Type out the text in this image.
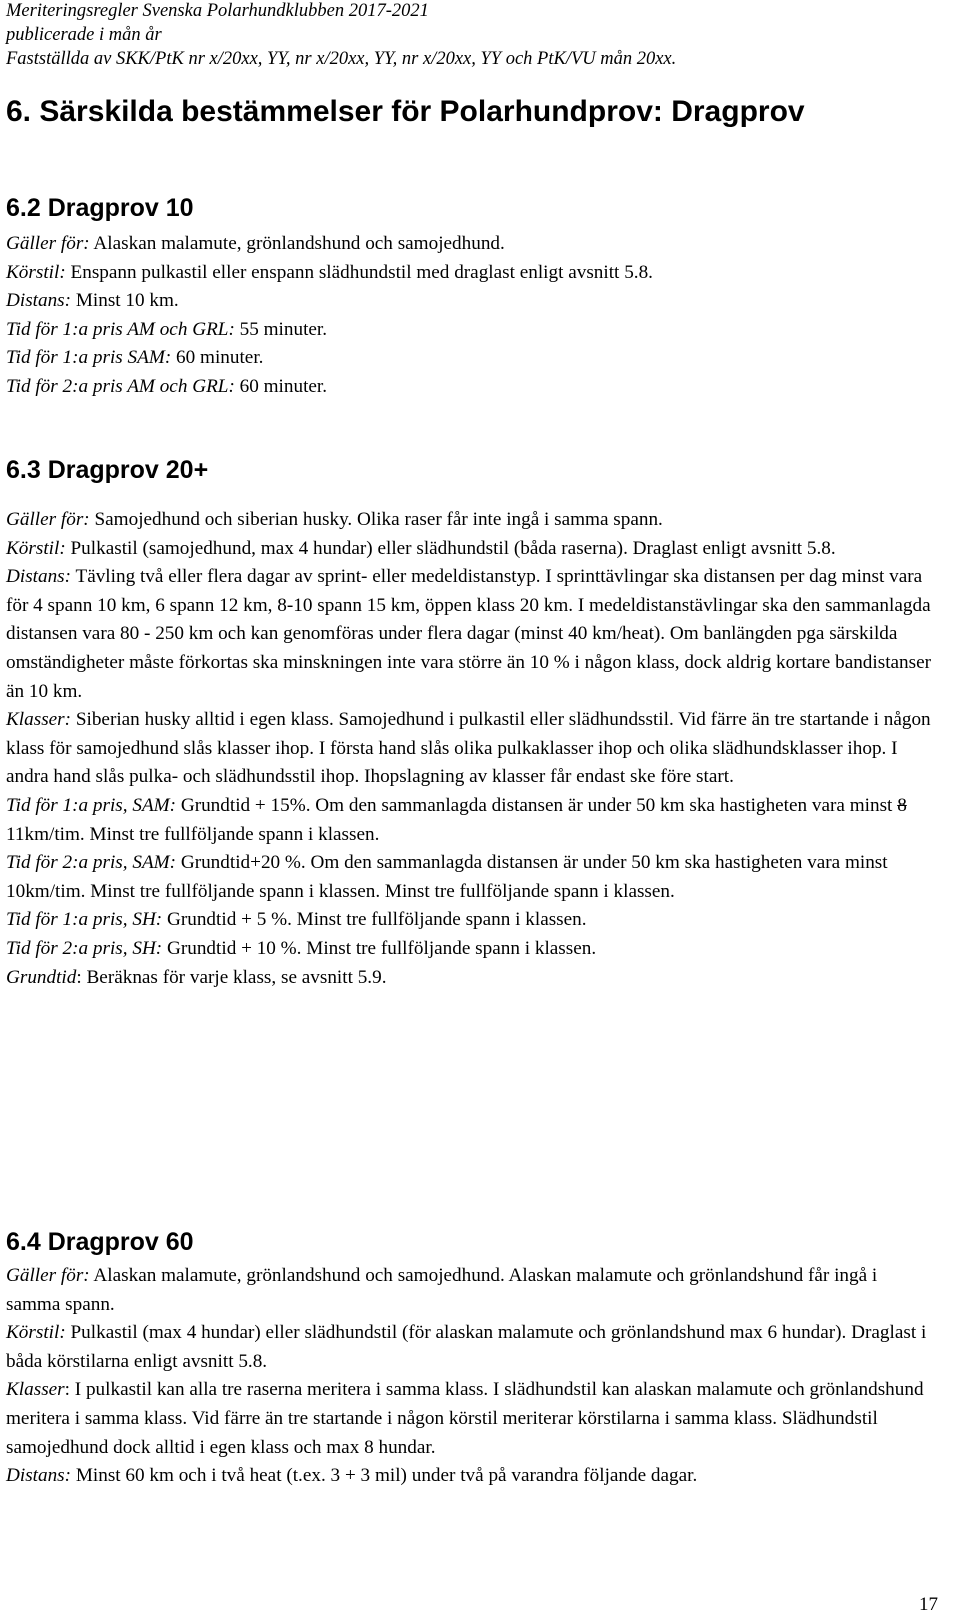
Meriteringsregler Svenska Polarhundklubben 2017-2021
publicerade i mån år
Fastställda av SKK/PtK nr x/20xx, YY, nr x/20xx, YY, nr x/20xx, YY och PtK/VU mån 20xx.
6. Särskilda bestämmelser för Polarhundprov: Dragprov
6.2 Dragprov 10

Gäller för: Alaskan malamute, grönlandshund och samojedhund.

Körstil: Enspann pulkastil eller enspann slädhundstil med draglast enligt avsnitt 5.8.

Distans: Minst 10 km.

Tid för 1:a pris AM och GRL: 55 minuter.

Tid för 1:a pris SAM: 60 minuter.

Tid för 2:a pris AM och GRL: 60 minuter.

6.3 Dragprov 20+

Gäller för: Samojedhund och siberian husky. Olika raser får inte ingå i samma spann.

Körstil: Pulkastil (samojedhund, max 4 hundar) eller slädhundstil (båda raserna). Draglast enligt avsnitt 5.8.

Distans: Tävling två eller flera dagar av sprint- eller medeldistanstyp. I sprinttävlingar ska distansen per dag minst vara för 4 spann 10 km, 6 spann 12 km, 8-10 spann 15 km, öppen klass 20 km. I medeldistanstävlingar ska den sammanlagda distansen vara 80 - 250 km och kan genomföras under flera dagar (minst 40 km/heat). Om banlängden pga särskilda omständigheter måste förkortas ska minskningen inte vara större än 10 % i någon klass, dock aldrig kortare bandistanser än 10 km.

Klasser: Siberian husky alltid i egen klass. Samojedhund i pulkastil eller slädhundsstil. Vid färre än tre startande i någon klass för samojedhund slås klasser ihop. I första hand slås olika pulkaklasser ihop och olika slädhundsklasser ihop. I andra hand slås pulka- och slädhundsstil ihop. Ihopslagning av klasser får endast ske före start.

Tid för 1:a pris, SAM: Grundtid + 15%. Om den sammanlagda distansen är under 50 km ska hastigheten vara minst 8 11km/tim. Minst tre fullföljande spann i klassen.

Tid för 2:a pris, SAM: Grundtid+20 %. Om den sammanlagda distansen är under 50 km ska hastigheten vara minst 10km/tim. Minst tre fullföljande spann i klassen. Minst tre fullföljande spann i klassen.

Tid för 1:a pris, SH: Grundtid + 5 %. Minst tre fullföljande spann i klassen.

Tid för 2:a pris, SH: Grundtid + 10 %. Minst tre fullföljande spann i klassen.

Grundtid: Beräknas för varje klass, se avsnitt 5.9.

6.4 Dragprov 60

Gäller för: Alaskan malamute, grönlandshund och samojedhund. Alaskan malamute och grönlandshund får ingå i samma spann.

Körstil: Pulkastil (max 4 hundar) eller slädhundstil (för alaskan malamute och grönlandshund max 6 hundar). Draglast i båda körstilarna enligt avsnitt 5.8.

Klasser: I pulkastil kan alla tre raserna meritera i samma klass. I slädhundstil kan alaskan malamute och grönlandshund meritera i samma klass. Vid färre än tre startande i någon körstil meriterar körstilarna i samma klass. Slädhundstil samojedhund dock alltid i egen klass och max 8 hundar.

Distans: Minst 60 km och i två heat (t.ex. 3 + 3 mil) under två på varandra följande dagar.

17
